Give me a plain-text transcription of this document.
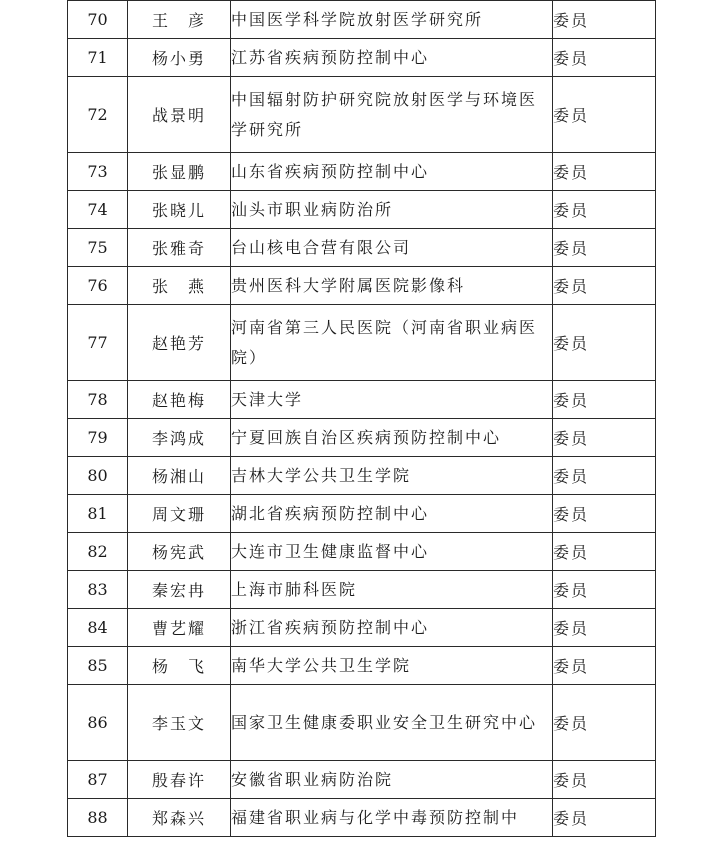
70	王　彦	中国医学科学院放射医学研究所	委员
71	杨小勇	江苏省疾病预防控制中心	委员
72	战景明	中国辐射防护研究院放射医学与环境医学研究所	委员
73	张显鹏	山东省疾病预防控制中心	委员
74	张晓儿	汕头市职业病防治所	委员
75	张雅奇	台山核电合营有限公司	委员
76	张　燕	贵州医科大学附属医院影像科	委员
77	赵艳芳	河南省第三人民医院（河南省职业病医院）	委员
78	赵艳梅	天津大学	委员
79	李鸿成	宁夏回族自治区疾病预防控制中心	委员
80	杨湘山	吉林大学公共卫生学院	委员
81	周文珊	湖北省疾病预防控制中心	委员
82	杨宪武	大连市卫生健康监督中心	委员
83	秦宏冉	上海市肺科医院	委员
84	曹艺耀	浙江省疾病预防控制中心	委员
85	杨　飞	南华大学公共卫生学院	委员
86	李玉文	国家卫生健康委职业安全卫生研究中心	委员
87	殷春许	安徽省职业病防治院	委员
88	郑森兴	福建省职业病与化学中毒预防控制中	委员
